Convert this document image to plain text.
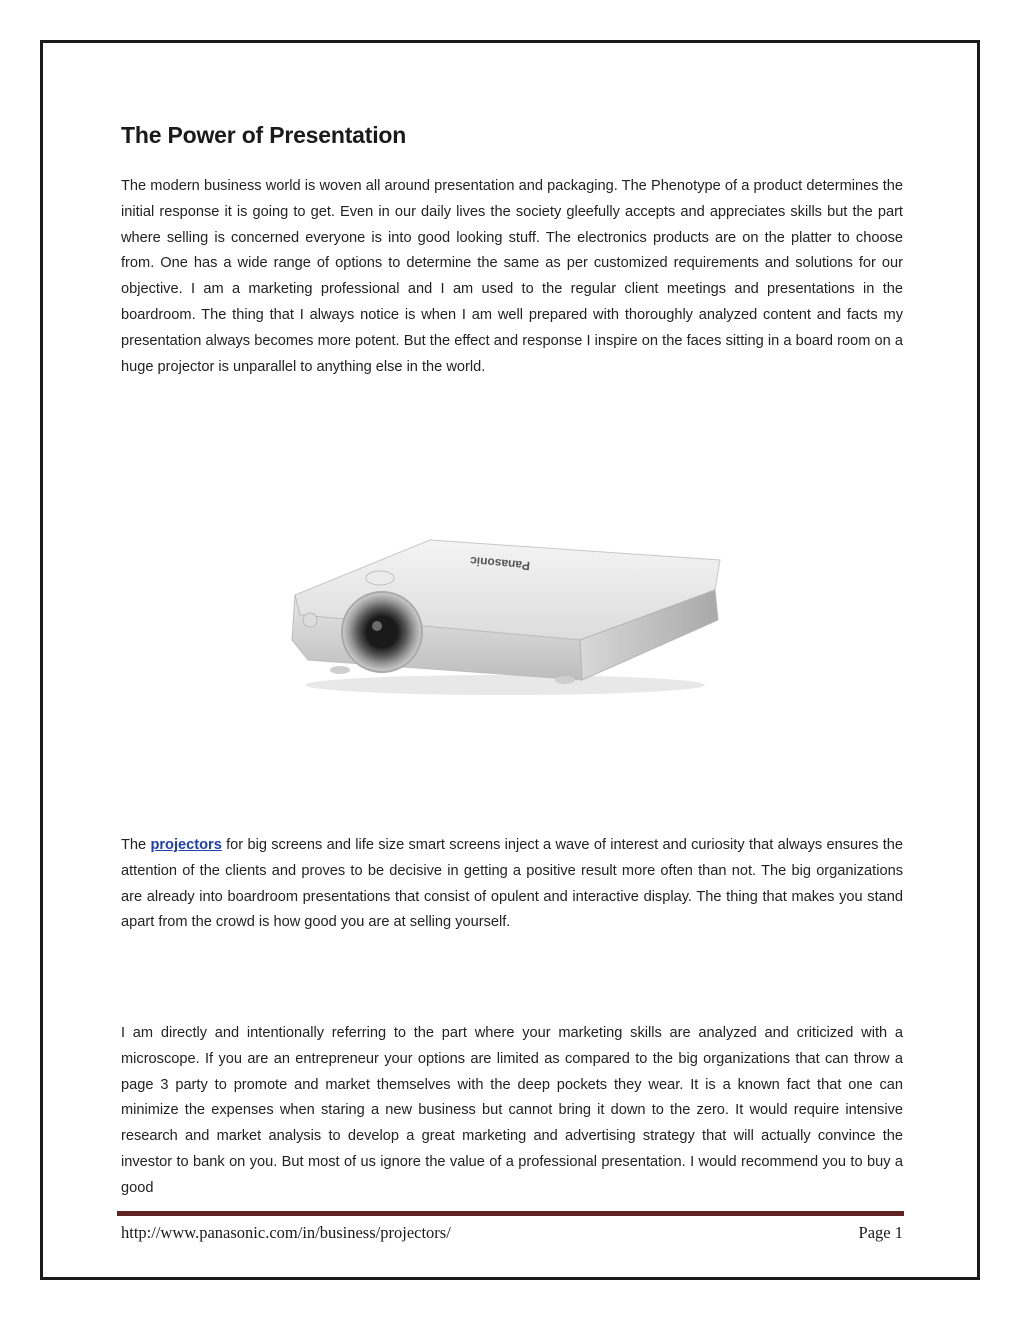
The Power of Presentation

The modern business world is woven all around presentation and packaging. The Phenotype of a product determines the initial response it is going to get. Even in our daily lives the society gleefully accepts and appreciates skills but the part where selling is concerned everyone is into good looking stuff. The electronics products are on the platter to choose from. One has a wide range of options to determine the same as per customized requirements and solutions for our objective. I am a marketing professional and I am used to the regular client meetings and presentations in the boardroom. The thing that I always notice is when I am well prepared with thoroughly analyzed content and facts my presentation always becomes more potent. But the effect and response I inspire on the faces sitting in a board room on a huge projector is unparallel to anything else in the world.

Panasonic

The projectors for big screens and life size smart screens inject a wave of interest and curiosity that always ensures the attention of the clients and proves to be decisive in getting a positive result more often than not. The big organizations are already into boardroom presentations that consist of opulent and interactive display. The thing that makes you stand apart from the crowd is how good you are at selling yourself.

I am directly and intentionally referring to the part where your marketing skills are analyzed and criticized with a microscope. If you are an entrepreneur your options are limited as compared to the big organizations that can throw a page 3 party to promote and market themselves with the deep pockets they wear. It is a known fact that one can minimize the expenses when staring a new business but cannot bring it down to the zero. It would require intensive research and market analysis to develop a great marketing and advertising strategy that will actually convince the investor to bank on you. But most of us ignore the value of a professional presentation. I would recommend you to buy a good

http://www.panasonic.com/in/business/projectors/	Page 1
